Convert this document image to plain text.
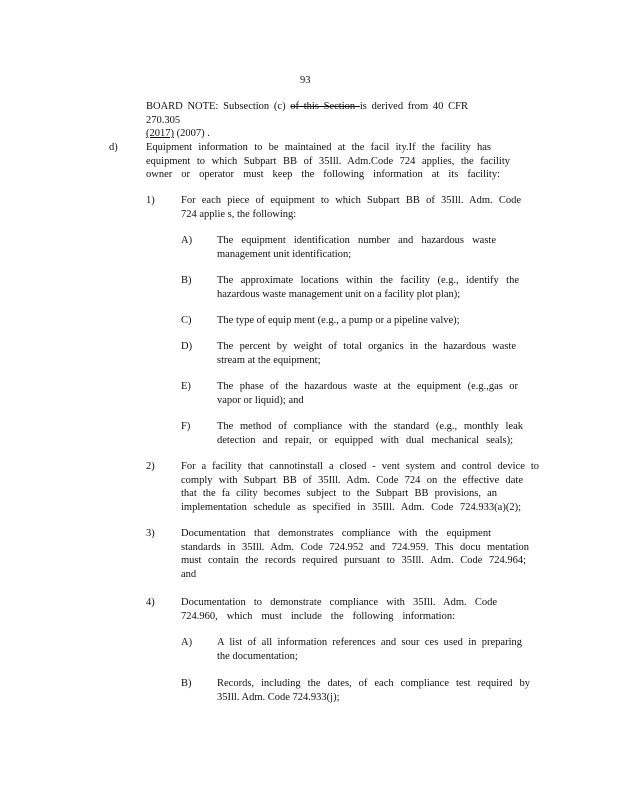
93
BOARD NOTE: Subsection (c) of this Section is derived from 40 CFR 270.305
(2017) (2007) .
d)	Equipment information to be maintained at the facil ity.If the facility has
equipment to which Subpart BB of 35Ill. Adm.Code 724 applies, the facility
owner or operator must keep the following information at its facility:
1)	For each piece of equipment to which Subpart BB of 35Ill. Adm. Code
724 applie s, the following:
A) The equipment identification number and hazardous waste
management unit identification;
B) The approximate locations within the facility (e.g., identify the
hazardous waste management unit on a facility plot plan);
C) The type of equip ment (e.g., a pump or a pipeline valve);
D) The percent by weight of total organics in the hazardous waste
stream at the equipment;
E) The phase of the hazardous waste at the equipment (e.g.,gas or
vapor or liquid); and
F)	The method of compliance with the standard (e.g., monthly leak
detection and repair, or equipped with dual mechanical seals);
2)	For a facility that cannotinstall a closed - vent system and control device to
comply with Subpart BB of 35Ill. Adm. Code 724 on the effective date
that the fa cility becomes subject to the Subpart BB provisions, an
implementation schedule as specified in 35Ill. Adm. Code 724.933(a)(2);
3)	Documentation that demonstrates compliance with the equipment
standards in 35Ill. Adm. Code 724.952 and 724.959. This docu mentation
must contain the records required pursuant to 35Ill. Adm. Code 724.964;
and
4)	Documentation to demonstrate compliance with 35Ill. Adm. Code
724.960, which must include the following information:
A) A list of all information references and sour ces used in preparing
the documentation;
B) Records, including the dates, of each compliance test required by
35Ill. Adm. Code 724.933(j);
